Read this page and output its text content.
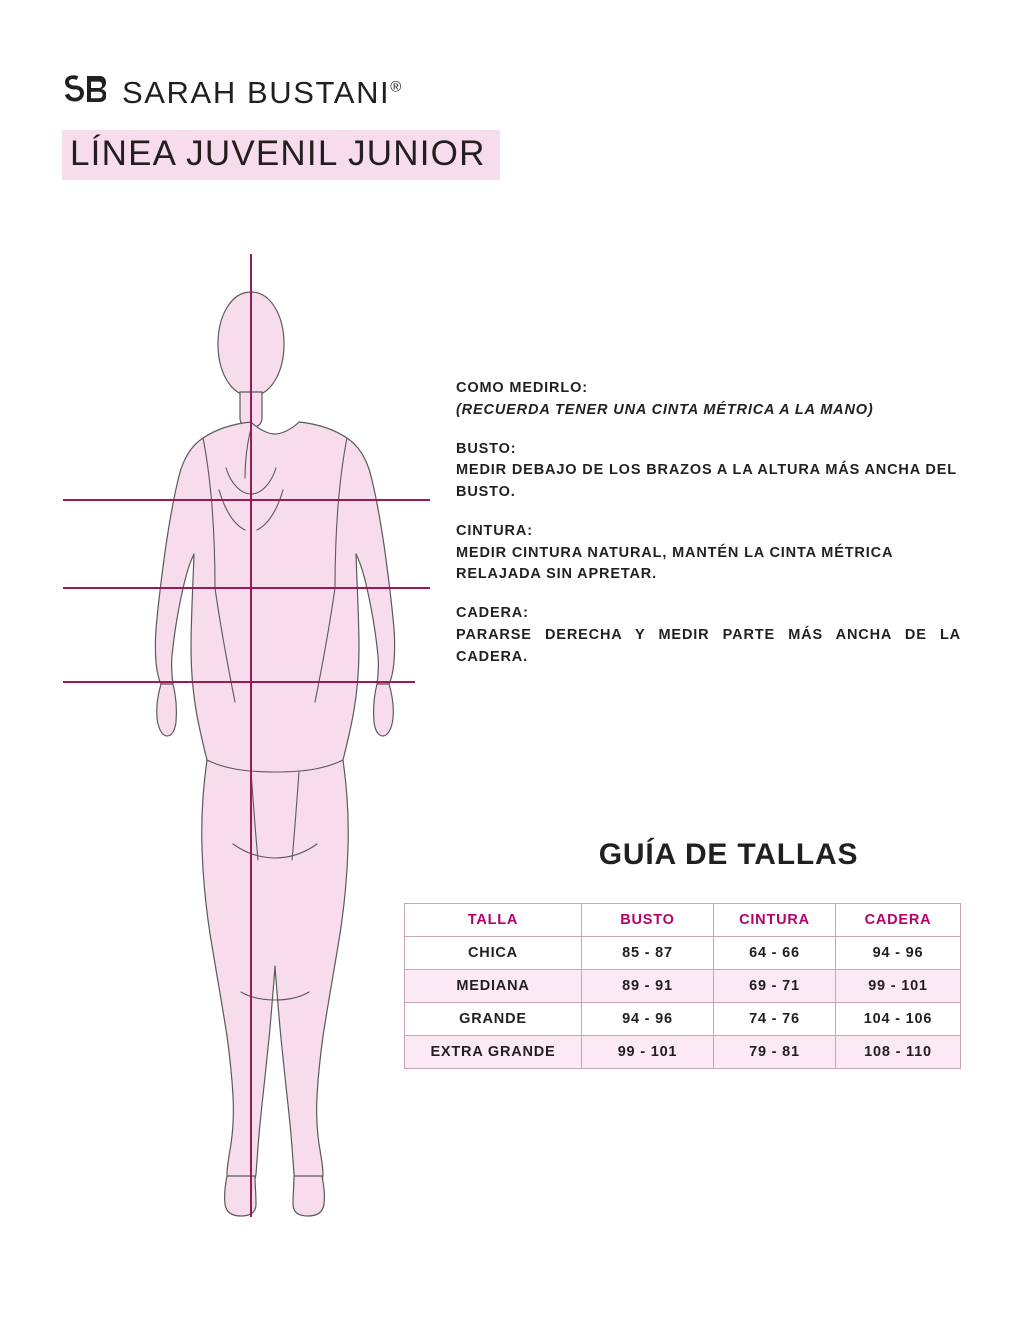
SARAH BUSTANI®
LÍNEA JUVENIL JUNIOR
COMO MEDIRLO:
(RECUERDA TENER UNA CINTA MÉTRICA A LA MANO)
BUSTO:
MEDIR DEBAJO DE LOS BRAZOS A LA ALTURA MÁS ANCHA DEL BUSTO.
CINTURA:
MEDIR CINTURA NATURAL, MANTÉN LA CINTA MÉTRICA RELAJADA SIN APRETAR.
CADERA:
PARARSE DERECHA Y MEDIR PARTE MÁS ANCHA DE LA CADERA.
GUÍA DE TALLAS
TALLA	BUSTO	CINTURA	CADERA
CHICA	85 - 87	64 - 66	94 - 96
MEDIANA	89 - 91	69 - 71	99 - 101
GRANDE	94 - 96	74 - 76	104 - 106
EXTRA GRANDE	99 - 101	79 - 81	108 - 110
